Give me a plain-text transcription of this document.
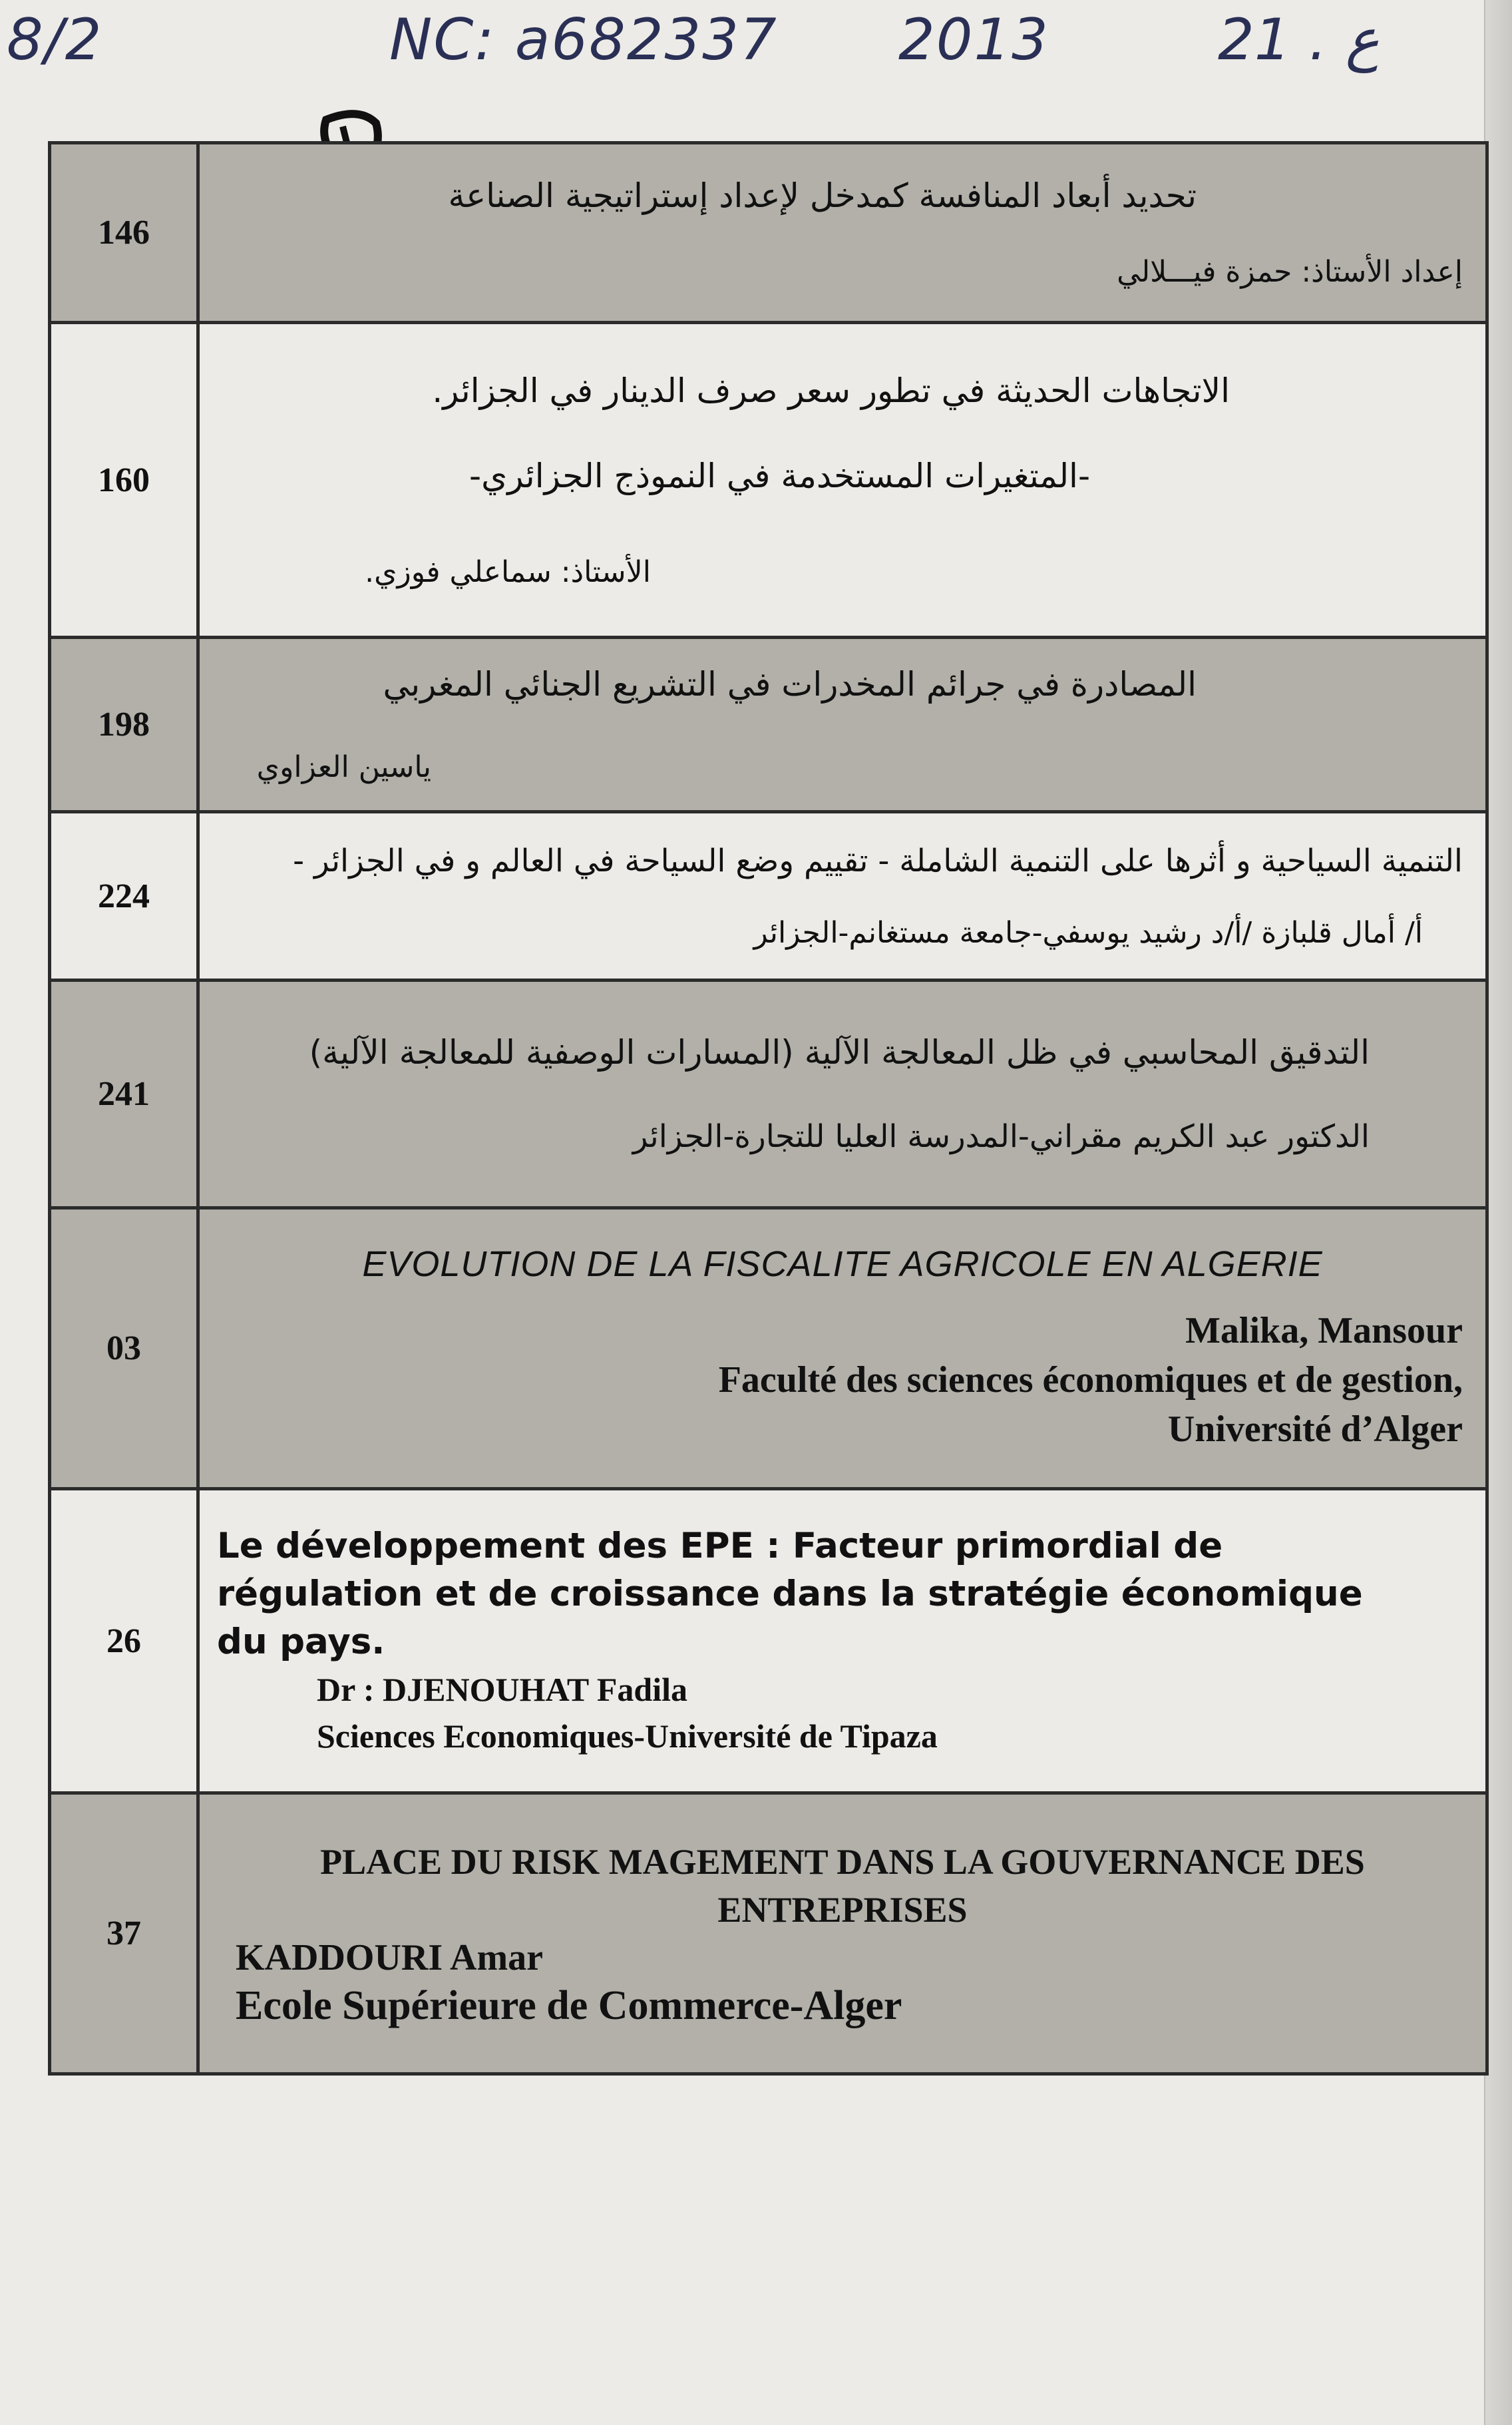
8/2	NC: a682337 2013	21 . ع
146	تحديد أبعاد المنافسة كمدخل لإعداد إستراتيجية الصناعة
إعداد الأستاذ: حمزة فيـــلالي

160	الاتجاهات الحديثة في تطور سعر صرف الدينار في الجزائر.
-المتغيرات المستخدمة في النموذج الجزائري-
الأستاذ: سماعلي فوزي.

198	المصادرة في جرائم المخدرات في التشريع الجنائي المغربي
ياسين العزاوي

224	التنمية السياحية و أثرها على التنمية الشاملة - تقييم وضع السياحة في العالم و في الجزائر -
أ/ أمال قلبازة /أ/د رشيد يوسفي-جامعة مستغانم-الجزائر

241	التدقيق المحاسبي في ظل المعالجة الآلية (المسارات الوصفية للمعالجة الآلية)
الدكتور عبد الكريم مقراني-المدرسة العليا للتجارة-الجزائر

03	EVOLUTION DE LA FISCALITE AGRICOLE EN ALGERIE
Malika, Mansour
Faculté des sciences économiques et de gestion,
Université d’Alger

26	Le développement des EPE : Facteur primordial de
régulation et de croissance dans la stratégie économique
du pays.
Dr : DJENOUHAT Fadila
Sciences Economiques-Université de Tipaza

37	PLACE DU RISK MAGEMENT DANS LA GOUVERNANCE DES
ENTREPRISES
KADDOURI Amar
Ecole Supérieure de Commerce-Alger
